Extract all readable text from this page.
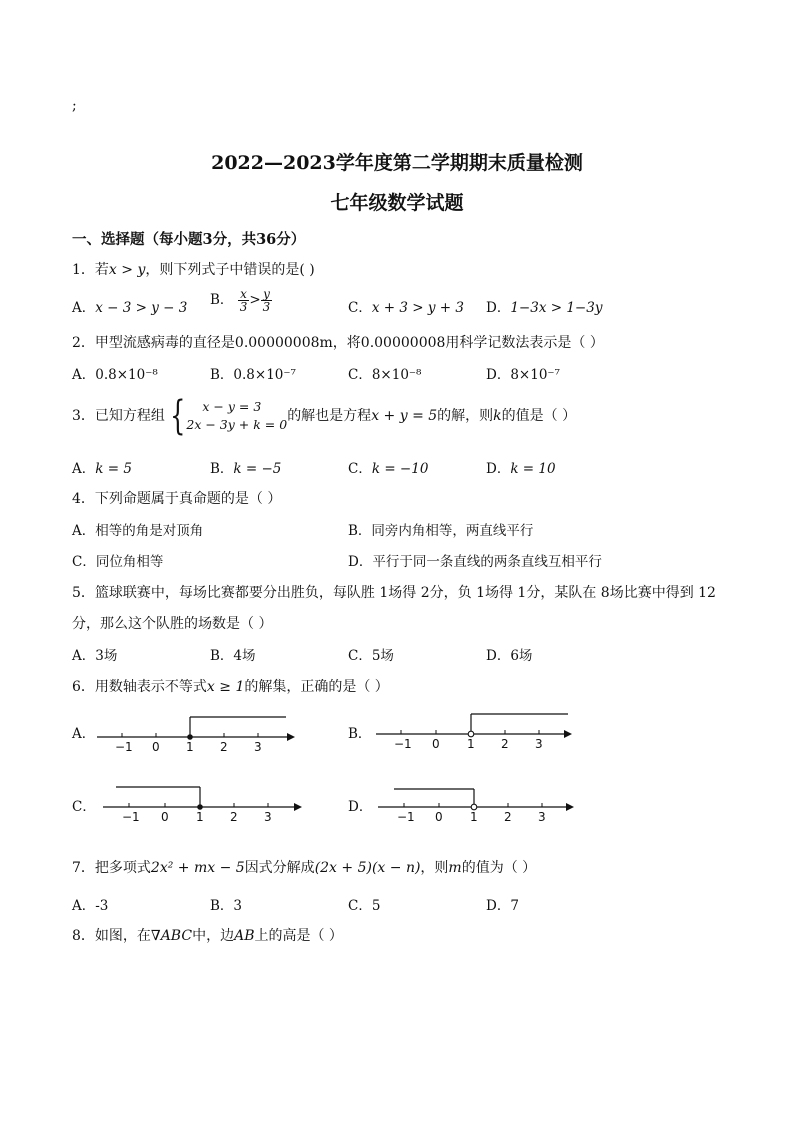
;
2022—2023学年度第二学期期末质量检测
七年级数学试题
一、选择题（每小题3分，共36分）
1．若x > y，则下列式子中错误的是( )
A．x − 3 > y − 3 B． $\frac{x}{3} > \frac{y}{3}$	C．x + 3 > y + 3 D．1−3x > 1−3y
2．甲型流感病毒的直径是0.00000008m，将0.00000008用科学记数法表示是（ ）
A．0.8×10⁻⁸	B．0.8×10⁻⁷	C．8×10⁻⁸	D．8×10⁻⁷
3．已知方程组 {	x − y = 3
2x − 3y + k = 0
的解也是方程x + y = 5的解，则k的值是（ ）
A．k = 5	B．k = −5	C．k = −10	D．k = 10
4．下列命题属于真命题的是（ ）
A．相等的角是对顶角	B．同旁内角相等，两直线平行
C．同位角相等	D．平行于同一条直线的两条直线互相平行
5．篮球联赛中，每场比赛都要分出胜负，每队胜 1场得 2分，负 1场得 1分，某队在 8场比赛中得到 12
分，那么这个队胜的场数是（ ）
A．3场	B．4场	C．5场	D．6场
6．用数轴表示不等式x ≥ 1的解集，正确的是（ ）
A．	B．
C．	D．
−1 0 1 2 3	−1 0 1 2 3
−1 0 1 2 3	−1 0 1 2 3
7．把多项式2x² + mx − 5因式分解成(2x + 5)(x − n)，则m的值为（ ）
A．-3	B．3	C．5	D．7
8．如图，在∇ABC中，边AB上的高是（ ）
